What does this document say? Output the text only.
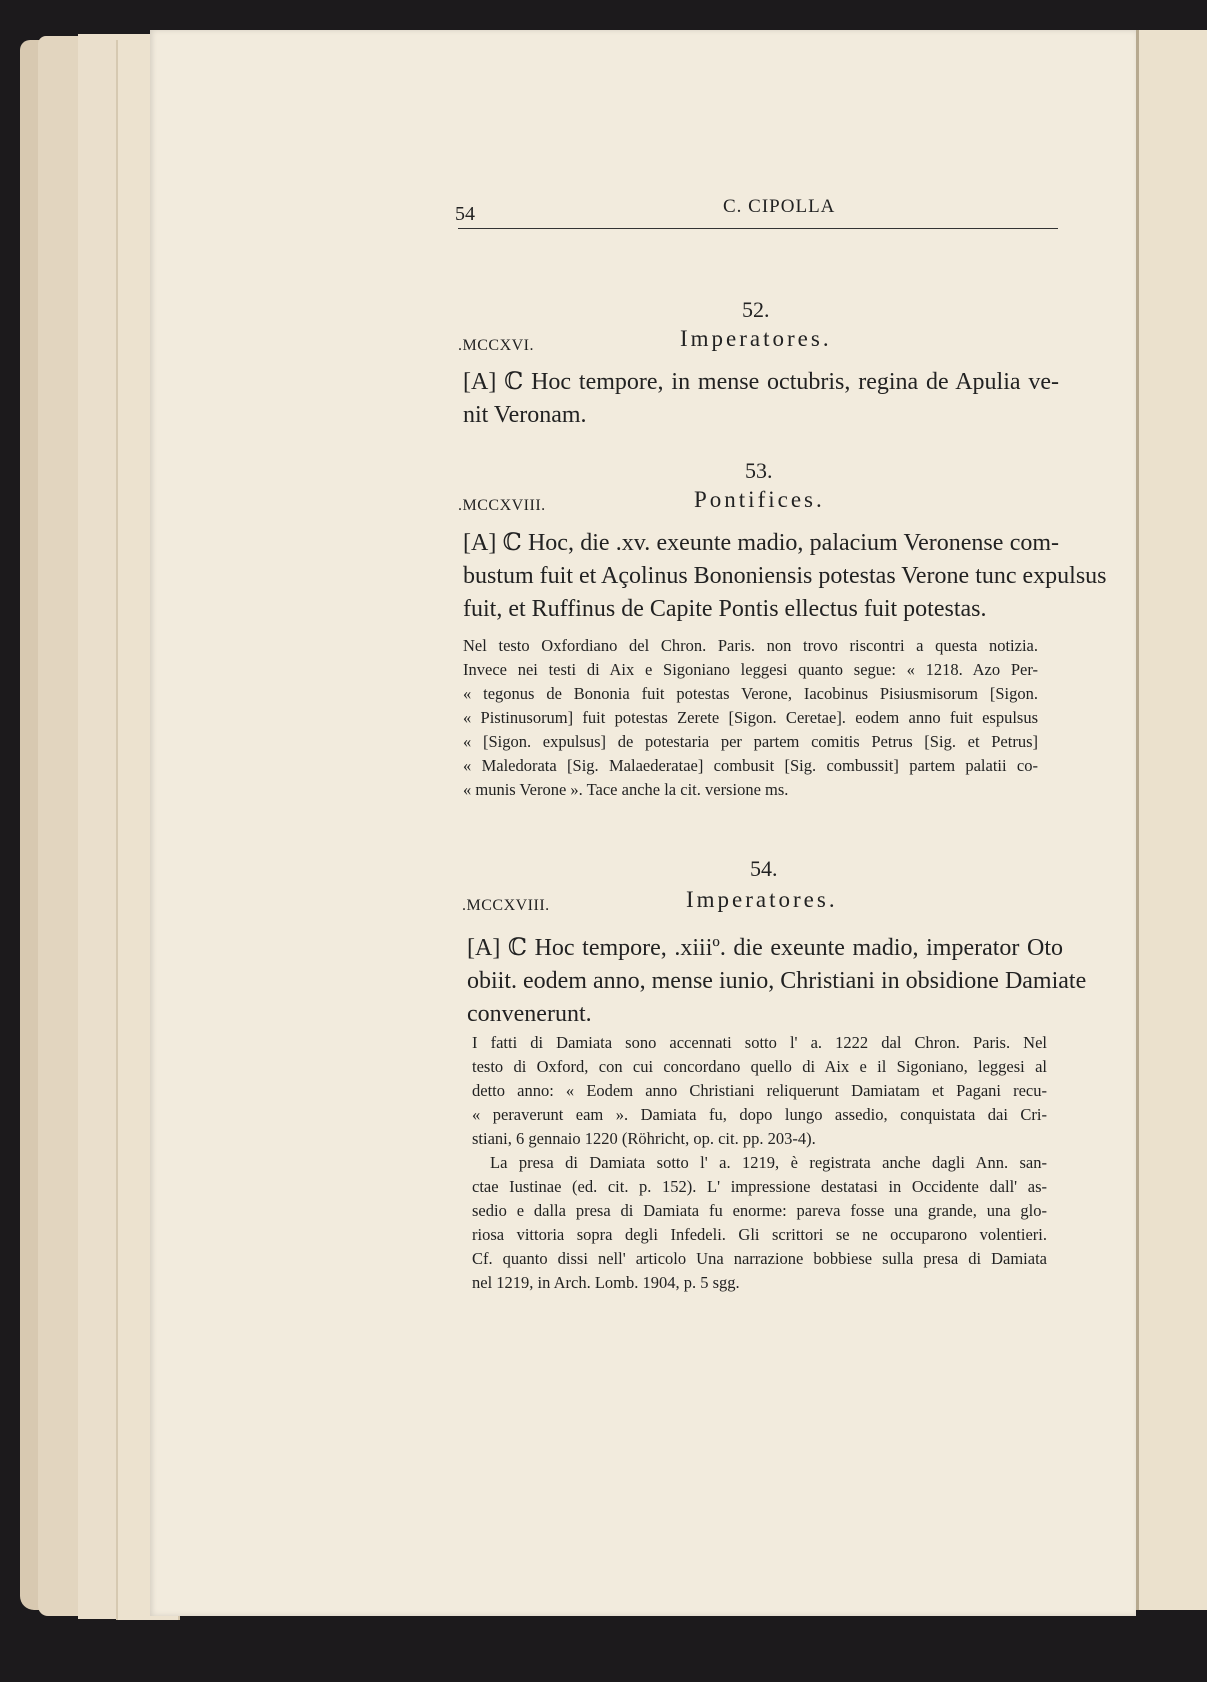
54	C. CIPOLLA
52.
.MCCXVI.	Imperatores.
[A] ℂ Hoc tempore, in mense octubris, regina de Apulia ve-
nit Veronam.
53.
.MCCXVIII.	Pontifices.
[A] ℂ Hoc, die .xv. exeunte madio, palacium Veronense com-
bustum fuit et Açolinus Bononiensis potestas Verone tunc expulsus
fuit, et Ruffinus de Capite Pontis ellectus fuit potestas.
Nel testo Oxfordiano del Chron. Paris. non trovo riscontri a questa notizia.
Invece nei testi di Aix e Sigoniano leggesi quanto segue: « 1218. Azo Per-
« tegonus de Bononia fuit potestas Verone, Iacobinus Pisiusmisorum [Sigon.
« Pistinusorum] fuit potestas Zerete [Sigon. Ceretae]. eodem anno fuit espulsus
« [Sigon. expulsus] de potestaria per partem comitis Petrus [Sig. et Petrus]
« Maledorata [Sig. Malaederatae] combusit [Sig. combussit] partem palatii co-
« munis Verone ». Tace anche la cit. versione ms.
54.
.MCCXVIII.	Imperatores.
[A] ℂ Hoc tempore, .xiiiº. die exeunte madio, imperator Oto
obiit. eodem anno, mense iunio, Christiani in obsidione Damiate
convenerunt.
I fatti di Damiata sono accennati sotto l' a. 1222 dal Chron. Paris. Nel
testo di Oxford, con cui concordano quello di Aix e il Sigoniano, leggesi al
detto anno: « Eodem anno Christiani reliquerunt Damiatam et Pagani recu-
« peraverunt eam ». Damiata fu, dopo lungo assedio, conquistata dai Cri-
stiani, 6 gennaio 1220 (Röhricht, op. cit. pp. 203-4).
La presa di Damiata sotto l' a. 1219, è registrata anche dagli Ann. san-
ctae Iustinae (ed. cit. p. 152). L' impressione destatasi in Occidente dall' as-
sedio e dalla presa di Damiata fu enorme: pareva fosse una grande, una glo-
riosa vittoria sopra degli Infedeli. Gli scrittori se ne occuparono volentieri.
Cf. quanto dissi nell' articolo Una narrazione bobbiese sulla presa di Damiata
nel 1219, in Arch. Lomb. 1904, p. 5 sgg.
